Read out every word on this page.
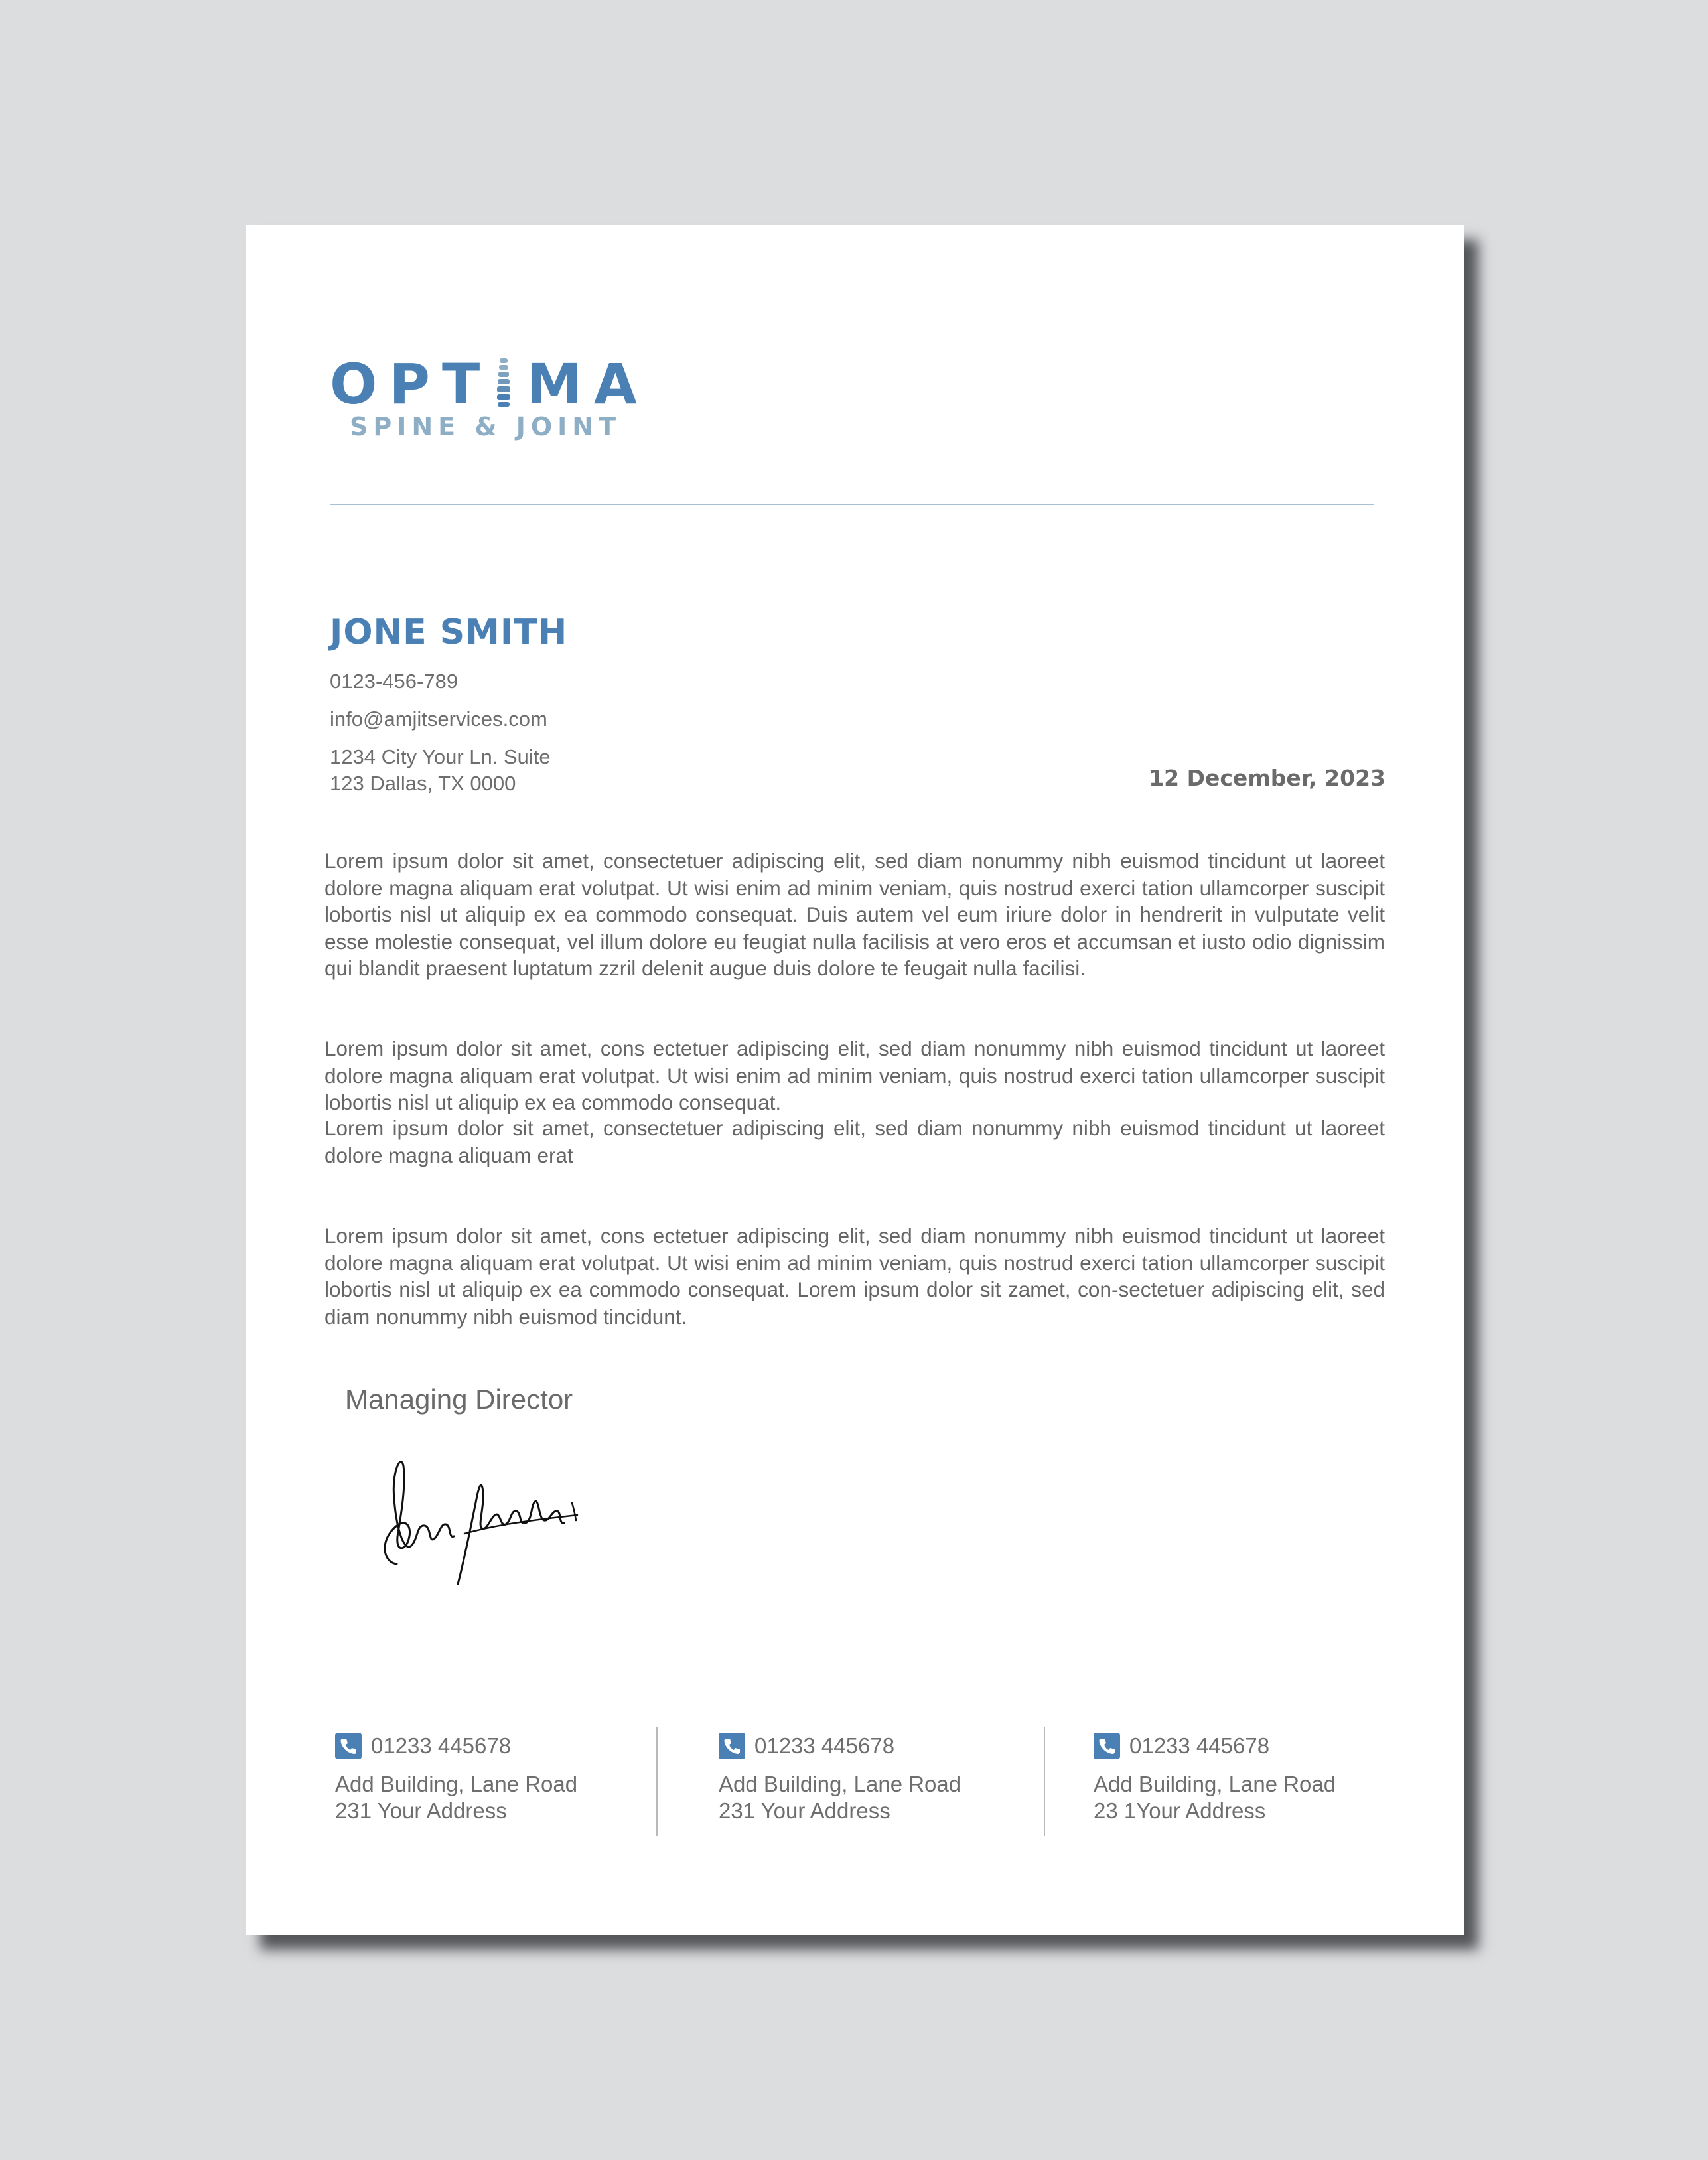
OPT MA
SPINE & JOINT
JONE SMITH
0123-456-789
info@amjitservices.com
1234 City Your Ln. Suite
123 Dallas, TX 0000	12 December, 2023

Lorem ipsum dolor sit amet, consectetuer adipiscing elit, sed diam nonummy nibh euismod tincidunt ut laoreet dolore magna aliquam erat volutpat. Ut wisi enim ad minim veniam, quis nostrud exerci tation ullamcorper suscipit lobortis nisl ut aliquip ex ea commodo consequat. Duis autem vel eum iriure dolor in hendrerit in vulputate velit esse molestie consequat, vel illum dolore eu feugiat nulla facilisis at vero eros et accumsan et iusto odio dignissim qui blandit praesent luptatum zzril delenit augue duis dolore te feugait nulla facilisi.

Lorem ipsum dolor sit amet, cons ectetuer adipiscing elit, sed diam nonummy nibh euismod tincidunt ut laoreet dolore magna aliquam erat volutpat. Ut wisi enim ad minim veniam, quis nostrud exerci tation ullamcorper suscipit lobortis nisl ut aliquip ex ea commodo consequat.

Lorem ipsum dolor sit amet, consectetuer adipiscing elit, sed diam nonummy nibh euismod tincidunt ut laoreet dolore magna aliquam erat

Lorem ipsum dolor sit amet, cons ectetuer adipiscing elit, sed diam nonummy nibh euismod tincidunt ut laoreet dolore magna aliquam erat volutpat. Ut wisi enim ad minim veniam, quis nostrud exerci tation ullamcorper suscipit lobortis nisl ut aliquip ex ea commodo consequat. Lorem ipsum dolor sit zamet, con-sectetuer adipiscing elit, sed diam nonummy nibh euismod tincidunt.

Managing Director
01233 445678
Add Building, Lane Road
231 Your Address
01233 445678
Add Building, Lane Road
231 Your Address
01233 445678
Add Building, Lane Road
23 1Your Address
